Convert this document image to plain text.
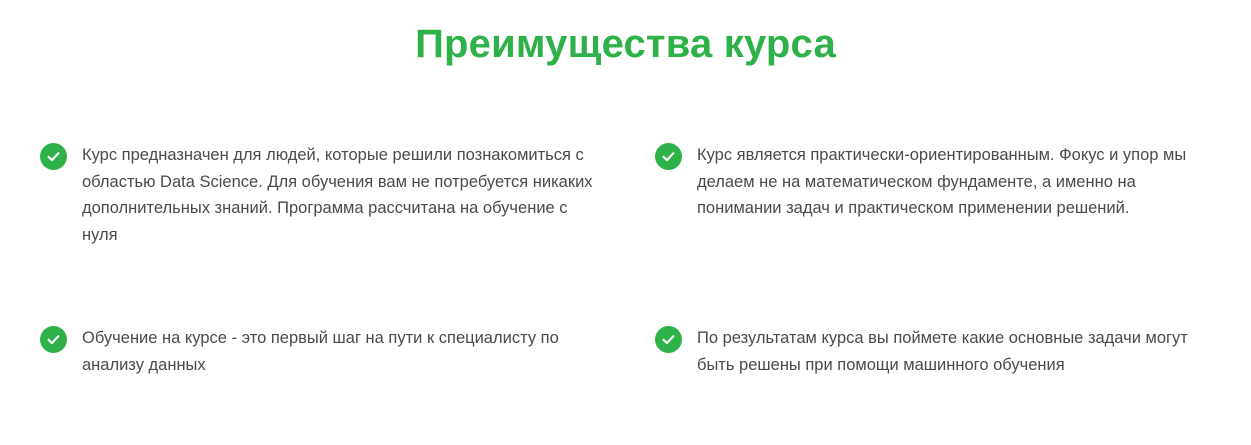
Преимущества курса
Курс предназначен для людей, которые решили познакомиться с областью Data Science. Для обучения вам не потребуется никаких дополнительных знаний. Программа рассчитана на обучение с нуля
Курс является практически-ориентированным. Фокус и упор мы делаем не на математическом фундаменте, а именно на понимании задач и практическом применении решений.
Обучение на курсе - это первый шаг на пути к специалисту по анализу данных
По результатам курса вы поймете какие основные задачи могут быть решены при помощи машинного обучения
